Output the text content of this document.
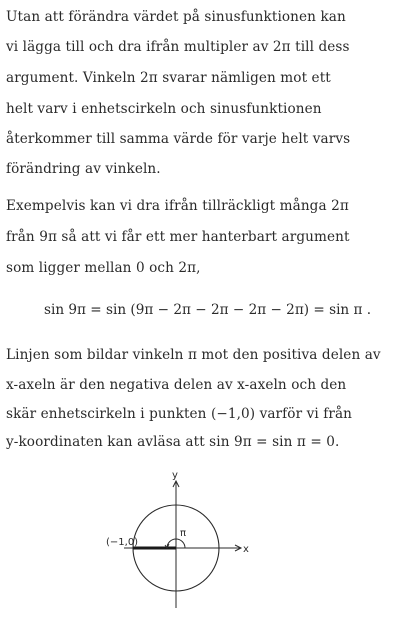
Utan att förändra värdet på sinusfunktionen kan
vi lägga till och dra ifrån multipler av 2π till dess
argument. Vinkeln 2π svarar nämligen mot ett
helt varv i enhetscirkeln och sinusfunktionen
återkommer till samma värde för varje helt varvs
förändring av vinkeln.
Exempelvis kan vi dra ifrån tillräckligt många 2π
från 9π så att vi får ett mer hanterbart argument
som ligger mellan 0 och 2π,
sin 9π = sin (9π − 2π − 2π − 2π − 2π) = sin π .
Linjen som bildar vinkeln π mot den positiva delen av
x-axeln är den negativa delen av x-axeln och den
skär enhetscirkeln i punkten (−1,0) varför vi från
y-koordinaten kan avläsa att sin 9π = sin π = 0.
y
x
π
(−1,0)
